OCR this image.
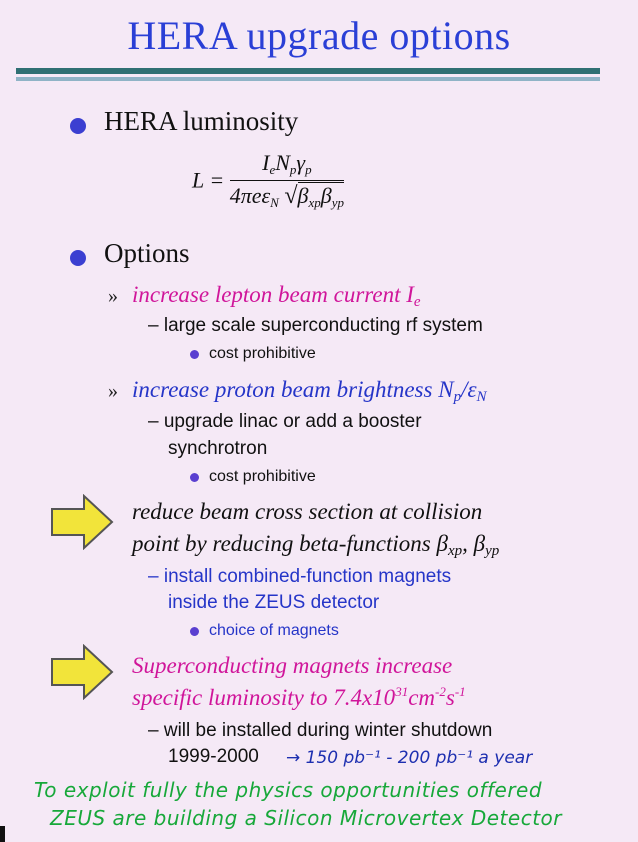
HERA upgrade options
HERA luminosity
$L = \frac{I_eN_p\gamma_p}{4\pi e\varepsilon_N √\beta_{xp}\beta_{yp}}$
Options
» increase lepton beam current $I_e$
– large scale superconducting rf system
cost prohibitive
» increase proton beam brightness $N_p/\varepsilon_N$
– upgrade linac or add a booster
synchrotron
cost prohibitive
reduce beam cross section at collision
point by reducing beta-functions $\beta_{xp}$, $\beta_{yp}$
– install combined-function magnets
inside the ZEUS detector
choice of magnets
Superconducting magnets increase
specific luminosity to $7.4x10^{31}cm^{-2}s^{-1}$
– will be installed during winter shutdown
1999-2000 → 150 pb⁻¹ - 200 pb⁻¹ a year
To exploit fully the physics opportunities offered
ZEUS are building a Silicon Microvertex Detector
